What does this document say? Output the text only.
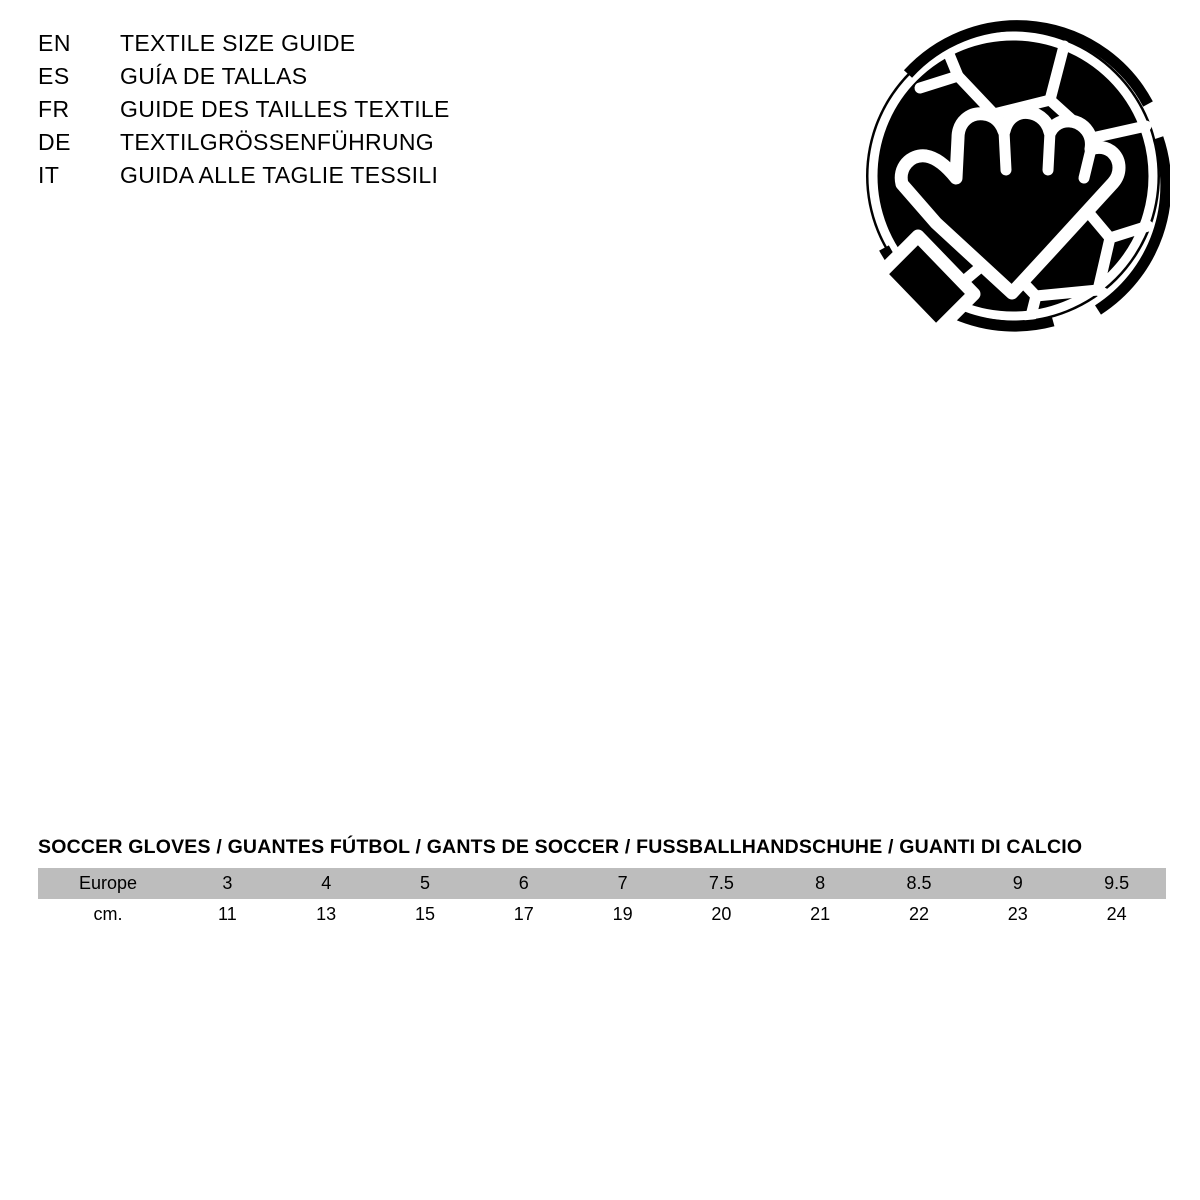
EN	TEXTILE SIZE GUIDE
ES	GUÍA DE TALLAS
FR	GUIDE DES TAILLES TEXTILE
DE	TEXTILGRÖSSENFÜHRUNG
IT	GUIDA ALLE TAGLIE TESSILI
SOCCER GLOVES / GUANTES FÚTBOL / GANTS DE SOCCER / FUSSBALLHANDSCHUHE / GUANTI DI CALCIO
Europe	3	4	5	6	7	7.5	8	8.5	9	9.5
cm.	11	13	15	17	19	20	21	22	23	24
